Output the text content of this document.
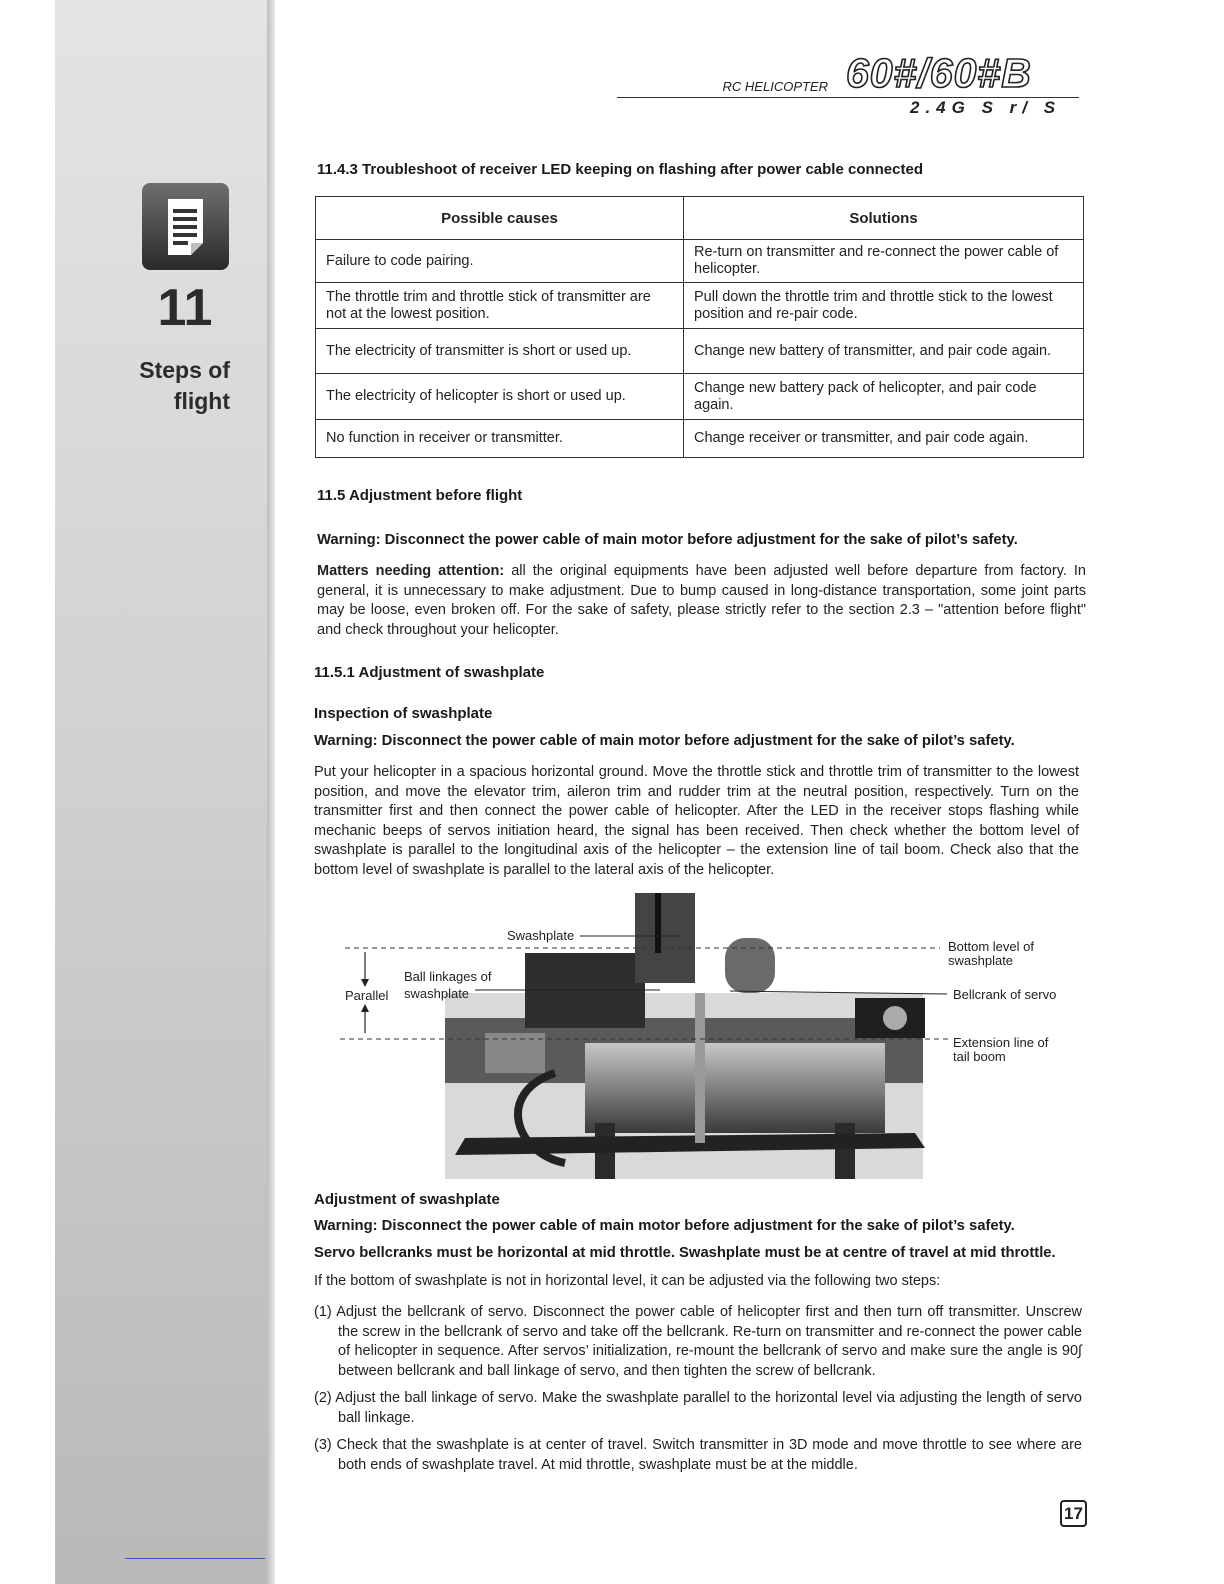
11
Steps of
flight
RC HELICOPTER 60#/60#B
2.4G S r/ S
11.4.3 Troubleshoot of receiver LED keeping on flashing after power cable connected
Possible causes	Solutions
Failure to code pairing.	Re-turn on transmitter and re-connect the power cable of helicopter.
The throttle trim and throttle stick of transmitter are not at the lowest position.	Pull down the throttle trim and throttle stick to the lowest position and re-pair code.
The electricity of transmitter is short or used up.	Change new battery of transmitter, and pair code again.
The electricity of helicopter is short or used up.	Change new battery pack of helicopter, and pair code again.
No function in receiver or transmitter.	Change receiver or transmitter, and pair code again.
11.5 Adjustment before flight
Warning: Disconnect the power cable of main motor before adjustment for the sake of pilot’s safety.
Matters needing attention: all the original equipments have been adjusted well before departure from factory. In general, it is unnecessary to make adjustment. Due to bump caused in long-distance transportation, some joint parts may be loose, even broken off. For the sake of safety, please strictly refer to the section 2.3 – "attention before flight" and check throughout your helicopter.
11.5.1 Adjustment of swashplate
Inspection of swashplate
Warning: Disconnect the power cable of main motor before adjustment for the sake of pilot’s safety.
Put your helicopter in a spacious horizontal ground. Move the throttle stick and throttle trim of transmitter to the lowest position, and move the elevator trim, aileron trim and rudder trim at the neutral position, respectively. Turn on the transmitter first and then connect the power cable of helicopter. After the LED in the receiver stops flashing while mechanic beeps of servos initiation heard, the signal has been received. Then check whether the bottom level of swashplate is parallel to the longitudinal axis of the helicopter – the extension line of tail boom. Check also that the bottom level of swashplate is parallel to the lateral axis of the helicopter.
Swashplate
Bottom level of
swashplate
Ball linkages of
swashplate
Parallel	Bellcrank of servo
Extension line of
tail boom
Adjustment of swashplate
Warning: Disconnect the power cable of main motor before adjustment for the sake of pilot’s safety.
Servo bellcranks must be horizontal at mid throttle. Swashplate must be at centre of travel at mid throttle.
If the bottom of swashplate is not in horizontal level, it can be adjusted via the following two steps:
(1) Adjust the bellcrank of servo. Disconnect the power cable of helicopter first and then turn off transmitter. Unscrew the screw in the bellcrank of servo and take off the bellcrank. Re-turn on transmitter and re-connect the power cable of helicopter in sequence. After servos’ initialization, re-mount the bellcrank of servo and make sure the angle is 90∫ between bellcrank and ball linkage of servo, and then tighten the screw of bellcrank.
(2) Adjust the ball linkage of servo. Make the swashplate parallel to the horizontal level via adjusting the length of servo ball linkage.
(3) Check that the swashplate is at center of travel. Switch transmitter in 3D mode and move throttle to see where are both ends of swashplate travel. At mid throttle, swashplate must be at the middle.
17
